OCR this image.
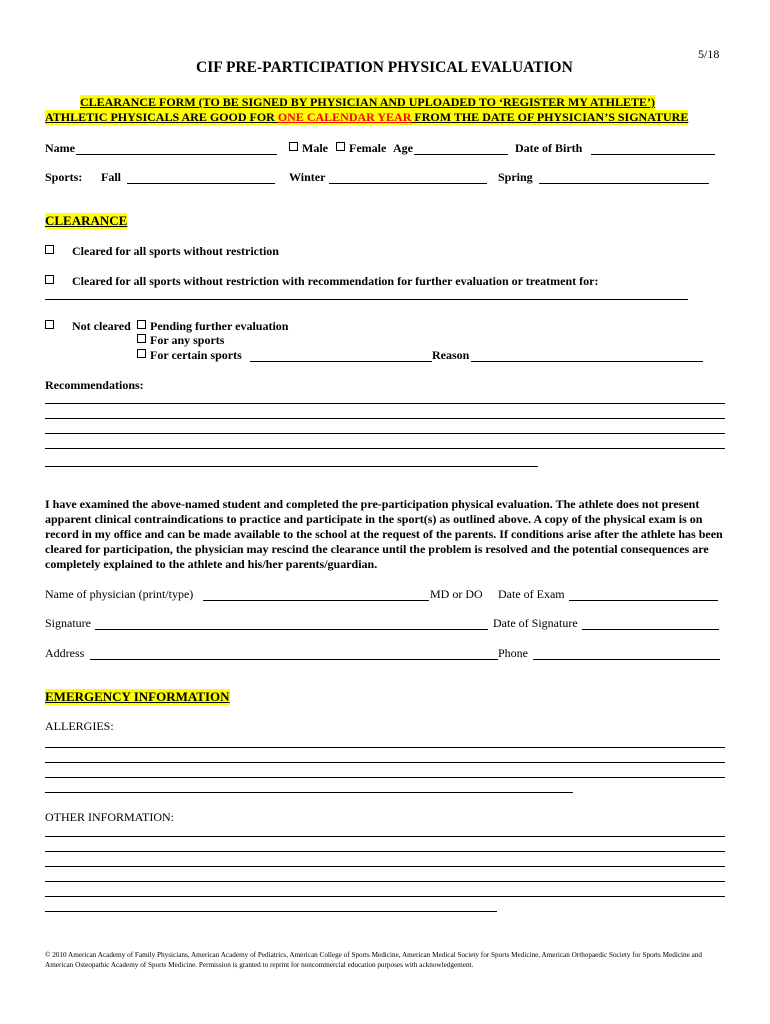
5/18
CIF PRE-PARTICIPATION PHYSICAL EVALUATION
CLEARANCE FORM (TO BE SIGNED BY PHYSICIAN AND UPLOADED TO ‘REGISTER MY ATHLETE’)
ATHLETIC PHYSICALS ARE GOOD FOR ONE CALENDAR YEAR FROM THE DATE OF PHYSICIAN’S SIGNATURE
Name	Male	Female Age	Date of Birth
Sports: Fall	Winter	Spring
CLEARANCE
Cleared for all sports without restriction
Cleared for all sports without restriction with recommendation for further evaluation or treatment for:
Not cleared	Pending further evaluation
For any sports
For certain sports	Reason
Recommendations:
I have examined the above-named student and completed the pre-participation physical evaluation. The athlete does not present apparent clinical contraindications to practice and participate in the sport(s) as outlined above. A copy of the physical exam is on record in my office and can be made available to the school at the request of the parents. If conditions arise after the athlete has been cleared for participation, the physician may rescind the clearance until the problem is resolved and the potential consequences are completely explained to the athlete and his/her parents/guardian.
Name of physician (print/type)	MD or DO Date of Exam
Signature	Date of Signature
Address	Phone
EMERGENCY INFORMATION
ALLERGIES:
OTHER INFORMATION:
© 2010 American Academy of Family Physicians, American Academy of Pediatrics, American College of Sports Medicine, American Medical Society for Sports Medicine, American Orthopaedic Society for Sports Medicine and American Osteopathic Academy of Sports Medicine. Permission is granted to reprint for noncommercial education purposes with acknowledgement.
